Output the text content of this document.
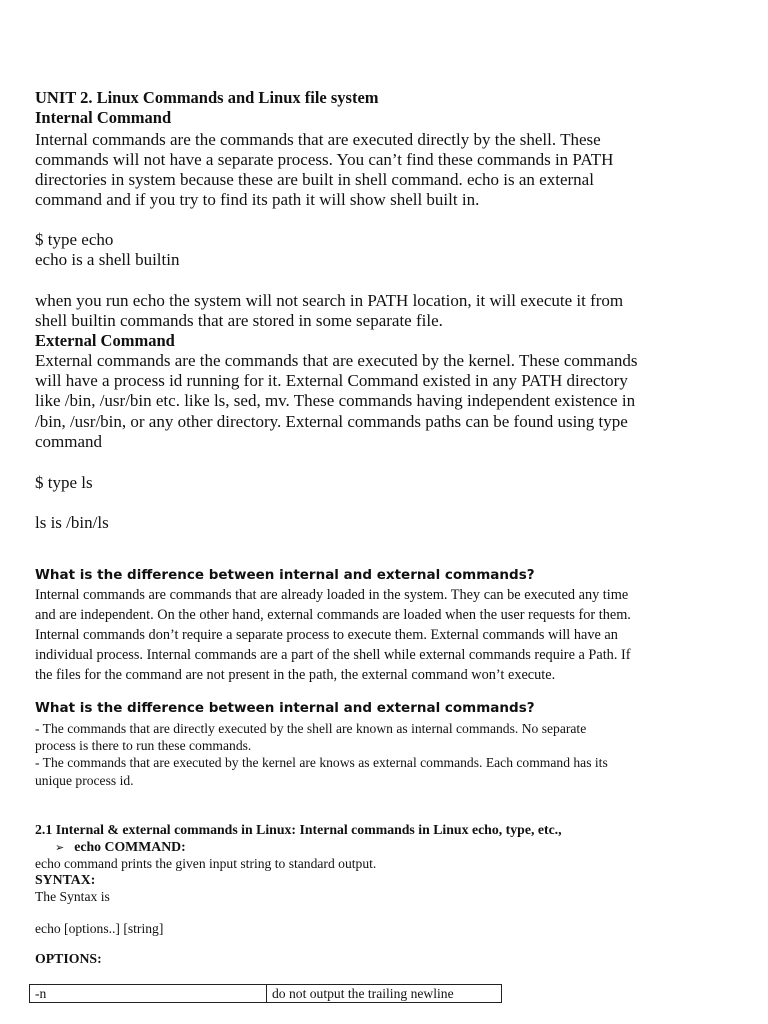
UNIT 2. Linux Commands and Linux file system
Internal Command
Internal commands are the commands that are executed directly by the shell. These
commands will not have a separate process. You can’t find these commands in PATH
directories in system because these are built in shell command. echo is an external
command and if you try to find its path it will show shell built in.
$ type echo
echo is a shell builtin
when you run echo the system will not search in PATH location, it will execute it from
shell builtin commands that are stored in some separate file.
External Command
External commands are the commands that are executed by the kernel. These commands
will have a process id running for it. External Command existed in any PATH directory
like /bin, /usr/bin etc. like ls, sed, mv. These commands having independent existence in
/bin, /usr/bin, or any other directory. External commands paths can be found using type
command
$ type ls
ls is /bin/ls
What is the difference between internal and external commands?
Internal commands are commands that are already loaded in the system. They can be executed any time
and are independent. On the other hand, external commands are loaded when the user requests for them.
Internal commands don’t require a separate process to execute them. External commands will have an
individual process. Internal commands are a part of the shell while external commands require a Path. If
the files for the command are not present in the path, the external command won’t execute.
What is the difference between internal and external commands?
- The commands that are directly executed by the shell are known as internal commands. No separate
process is there to run these commands.
- The commands that are executed by the kernel are knows as external commands. Each command has its
unique process id.
2.1 Internal & external commands in Linux: Internal commands in Linux echo, type, etc.,
➢ echo COMMAND:
echo command prints the given input string to standard output.
SYNTAX:
The Syntax is
echo [options..] [string]
OPTIONS:
-n	do not output the trailing newline
